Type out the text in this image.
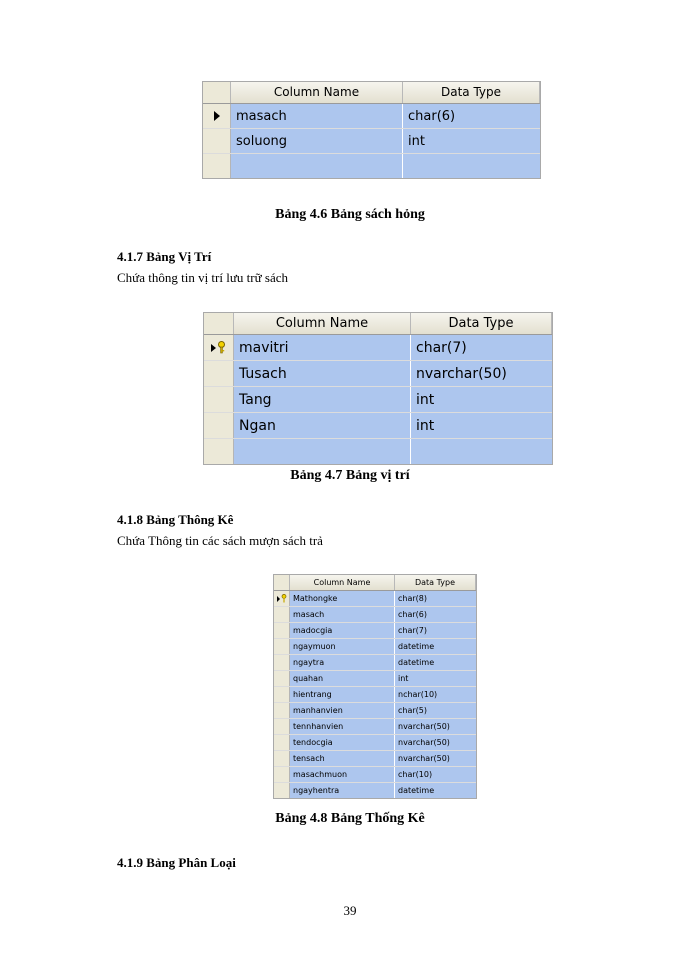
Column Name	Data Type
masach	char(6)
soluong	int
Bảng 4.6 Bảng sách hỏng
4.1.7 Bảng Vị Trí
Chứa thông tin vị trí lưu trữ sách
Column Name	Data Type
mavitri	char(7)
Tusach	nvarchar(50)
Tang	int
Ngan	int
Bảng 4.7 Bảng vị trí
4.1.8 Bảng Thông Kê
Chứa Thông tin các sách mượn sách trả
Column Name	Data Type
Mathongke	char(8)
masach	char(6)
madocgia	char(7)
ngaymuon	datetime
ngaytra	datetime
quahan	int
hientrang	nchar(10)
manhanvien	char(5)
tennhanvien	nvarchar(50)
tendocgia	nvarchar(50)
tensach	nvarchar(50)
masachmuon	char(10)
ngayhentra	datetime
Bảng 4.8 Bảng Thống Kê
4.1.9 Bảng Phân Loại
39
